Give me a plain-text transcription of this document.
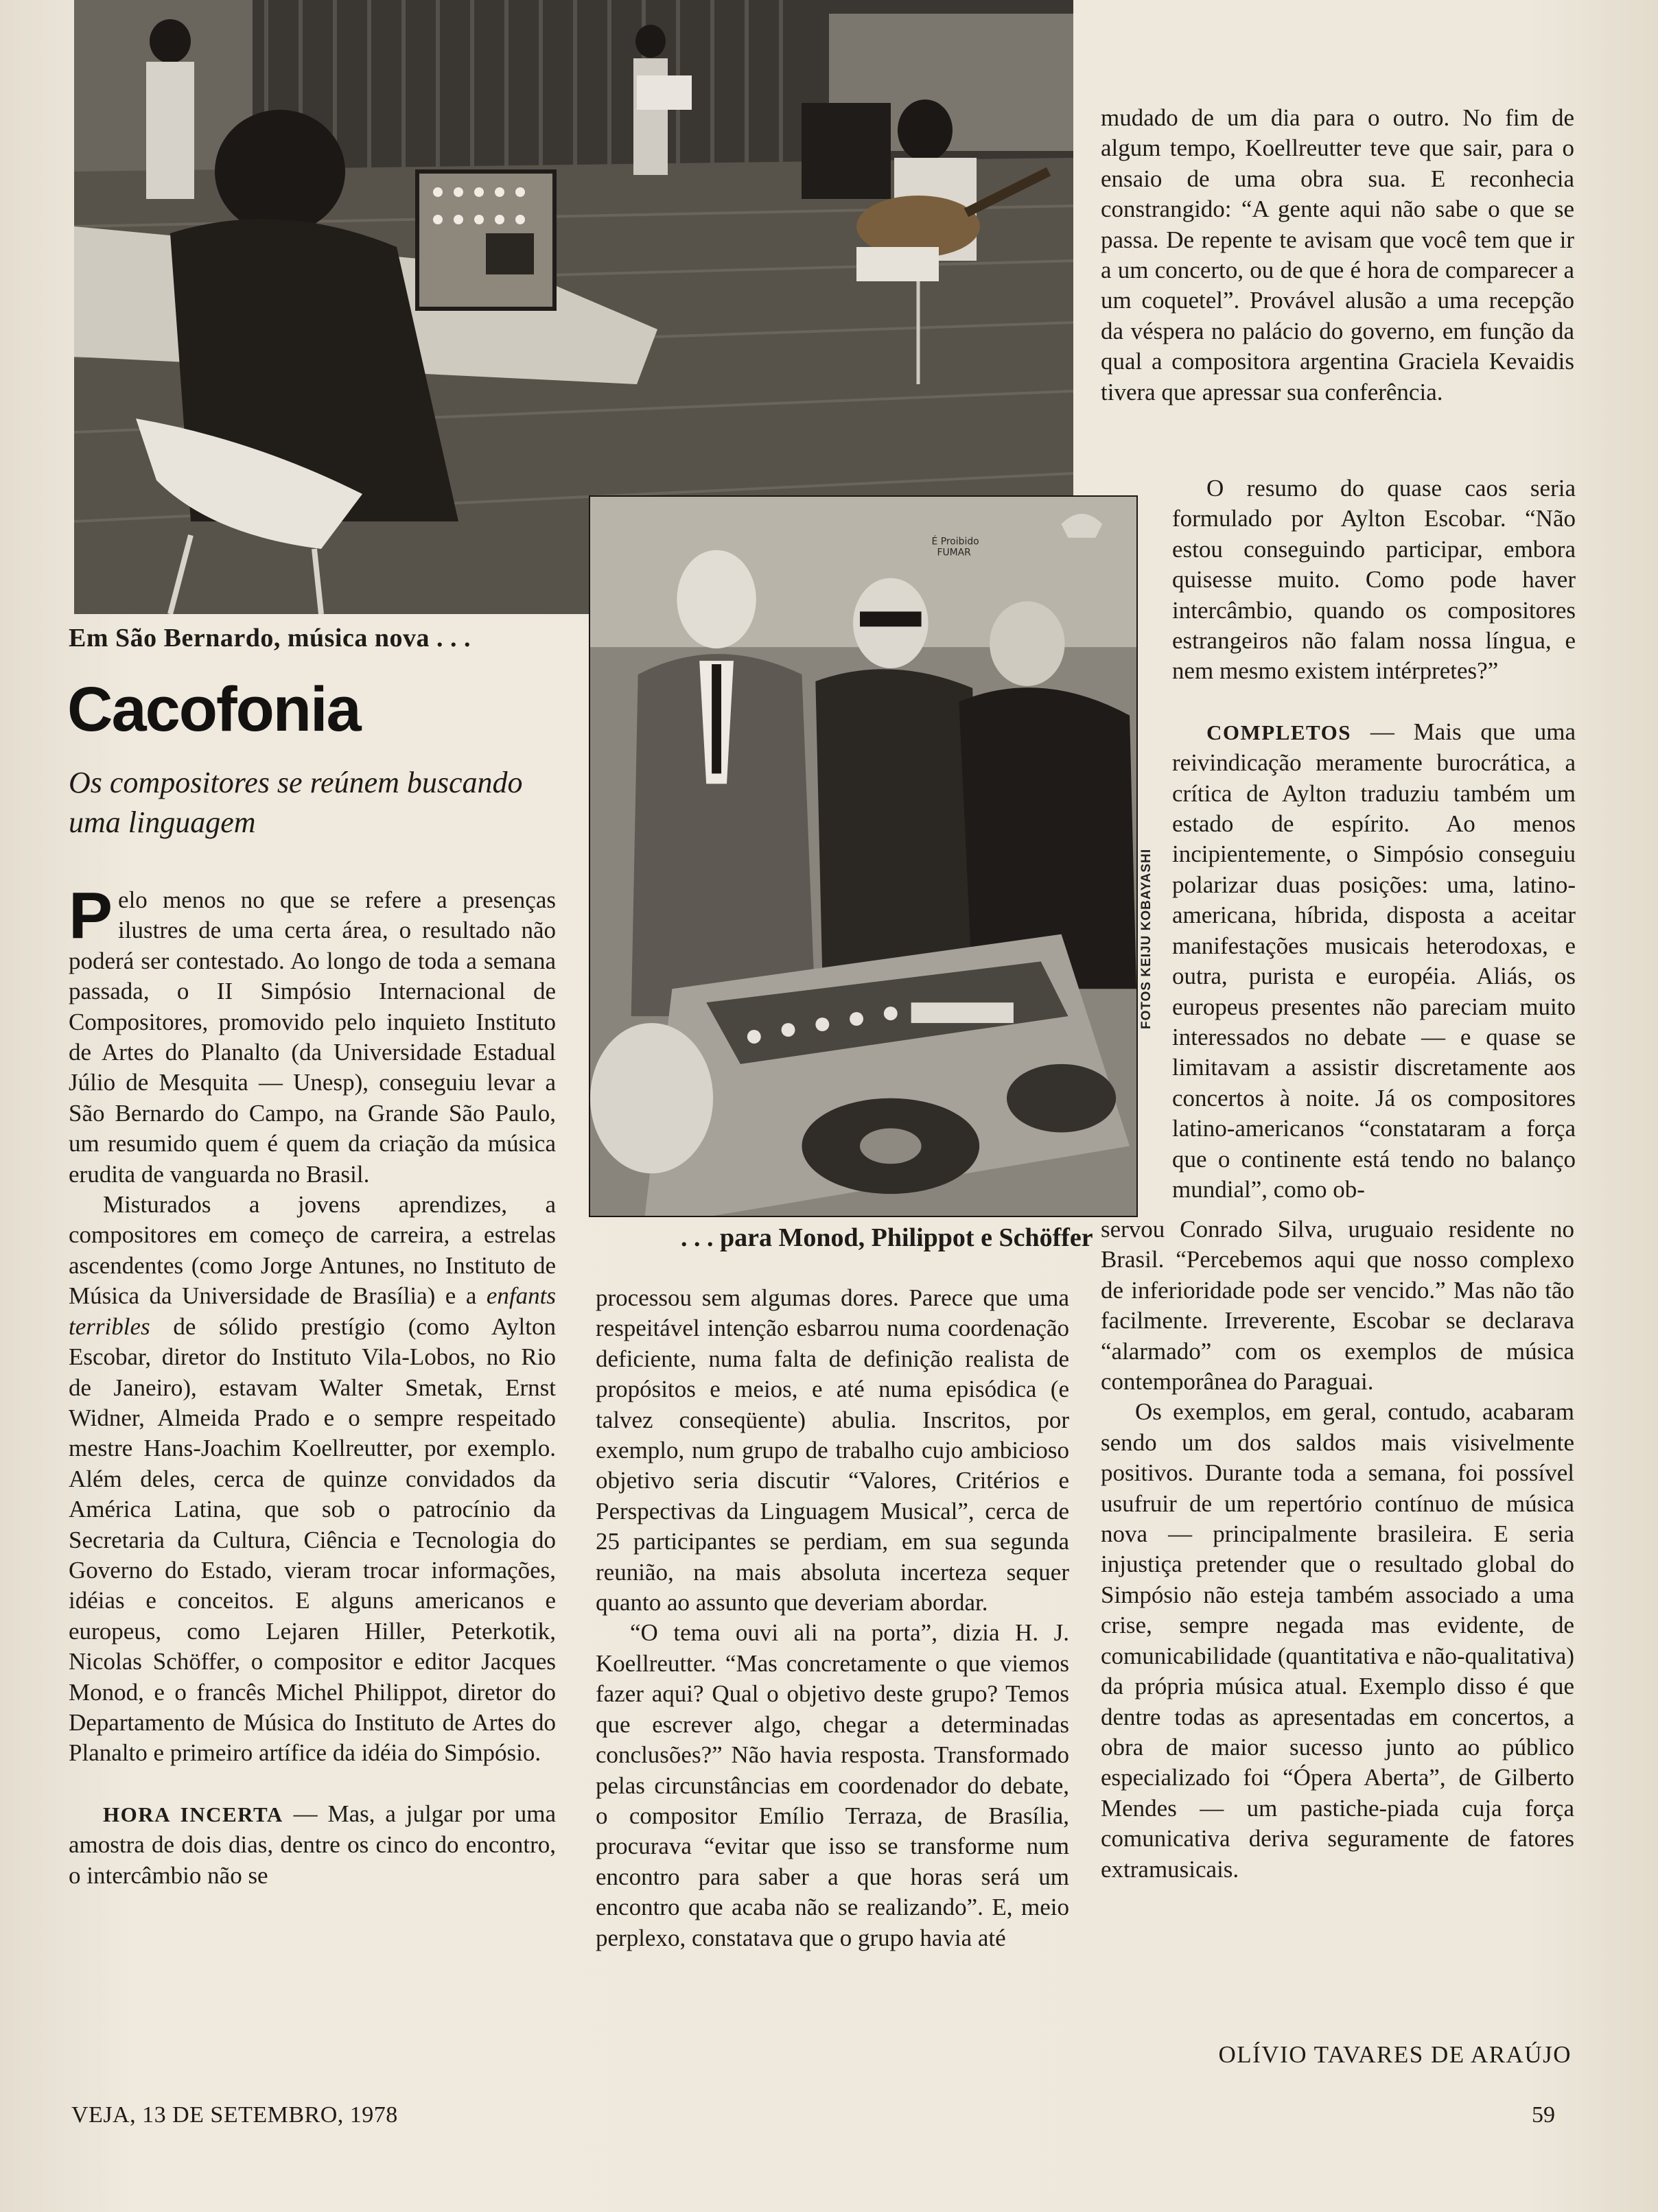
Em São Bernardo, música nova . . .
É Proibido
FUMAR
FOTOS KEIJU KOBAYASHI
. . . para Monod, Philippot e Schöffer
Cacofonia
Os compositores se reúnem buscando uma linguagem

Pelo menos no que se refere a presenças ilustres de uma certa área, o resultado não poderá ser contestado. Ao longo de toda a semana passada, o II Simpósio Internacional de Compositores, promovido pelo inquieto Instituto de Artes do Planalto (da Universidade Estadual Júlio de Mesquita — Unesp), conseguiu levar a São Bernardo do Campo, na Grande São Paulo, um resumido quem é quem da criação da música erudita de vanguarda no Brasil.

Misturados a jovens aprendizes, a compositores em começo de carreira, a estrelas ascendentes (como Jorge Antunes, no Instituto de Música da Universidade de Brasília) e a enfants terribles de sólido prestígio (como Aylton Escobar, diretor do Instituto Vila-Lobos, no Rio de Janeiro), estavam Walter Smetak, Ernst Widner, Almeida Prado e o sempre respeitado mestre Hans-Joachim Koellreutter, por exemplo. Além deles, cerca de quinze convidados da América Latina, que sob o patrocínio da Secretaria da Cultura, Ciência e Tecnologia do Governo do Estado, vieram trocar informações, idéias e conceitos. E alguns americanos e europeus, como Lejaren Hiller, Peterkotik, Nicolas Schöffer, o compositor e editor Jacques Monod, e o francês Michel Philippot, diretor do Departamento de Música do Instituto de Artes do Planalto e primeiro artífice da idéia do Simpósio.

HORA INCERTA — Mas, a julgar por uma amostra de dois dias, dentre os cinco do encontro, o intercâmbio não se

processou sem algumas dores. Parece que uma respeitável intenção esbarrou numa coordenação deficiente, numa falta de definição realista de propósitos e meios, e até numa episódica (e talvez conseqüente) abulia. Inscritos, por exemplo, num grupo de trabalho cujo ambicioso objetivo seria discutir “Valores, Critérios e Perspectivas da Linguagem Musical”, cerca de 25 participantes se perdiam, em sua segunda reunião, na mais absoluta incerteza sequer quanto ao assunto que deveriam abordar.

“O tema ouvi ali na porta”, dizia H. J. Koellreutter. “Mas concretamente o que viemos fazer aqui? Qual o objetivo deste grupo? Temos que escrever algo, chegar a determinadas conclusões?” Não havia resposta. Transformado pelas circunstâncias em coordenador do debate, o compositor Emílio Terraza, de Brasília, procurava “evitar que isso se transforme num encontro para saber a que horas será um encontro que acaba não se realizando”. E, meio perplexo, constatava que o grupo havia até

mudado de um dia para o outro. No fim de algum tempo, Koellreutter teve que sair, para o ensaio de uma obra sua. E reconhecia constrangido: “A gente aqui não sabe o que se passa. De repente te avisam que você tem que ir a um concerto, ou de que é hora de comparecer a um coquetel”. Provável alusão a uma recepção da véspera no palácio do governo, em função da qual a compositora argentina Graciela Kevaidis tivera que apressar sua conferência.

O resumo do quase caos seria formulado por Aylton Escobar. “Não estou conseguindo participar, embora quisesse muito. Como pode haver intercâmbio, quando os compositores estrangeiros não falam nossa língua, e nem mesmo existem intérpretes?”

COMPLETOS — Mais que uma reivindicação meramente burocrática, a crítica de Aylton traduziu também um estado de espírito. Ao menos incipientemente, o Simpósio conseguiu polarizar duas posições: uma, latino-americana, híbrida, disposta a aceitar manifestações musicais heterodoxas, e outra, purista e européia. Aliás, os europeus presentes não pareciam muito interessados no debate — e quase se limitavam a assistir discretamente aos concertos à noite. Já os compositores latino-americanos “constataram a força que o continente está tendo no balanço mundial”, como ob-

servou Conrado Silva, uruguaio residente no Brasil. “Percebemos aqui que nosso complexo de inferioridade pode ser vencido.” Mas não tão facilmente. Irreverente, Escobar se declarava “alarmado” com os exemplos de música contemporânea do Paraguai.

Os exemplos, em geral, contudo, acabaram sendo um dos saldos mais visivelmente positivos. Durante toda a semana, foi possível usufruir de um repertório contínuo de música nova — principalmente brasileira. E seria injustiça pretender que o resultado global do Simpósio não esteja também associado a uma crise, sempre negada mas evidente, de comunicabilidade (quantitativa e não-qualitativa) da própria música atual. Exemplo disso é que dentre todas as apresentadas em concertos, a obra de maior sucesso junto ao público especializado foi “Ópera Aberta”, de Gilberto Mendes — um pastiche-piada cuja força comunicativa deriva seguramente de fatores extramusicais.

OLÍVIO TAVARES DE ARAÚJO
VEJA, 13 DE SETEMBRO, 1978	59
